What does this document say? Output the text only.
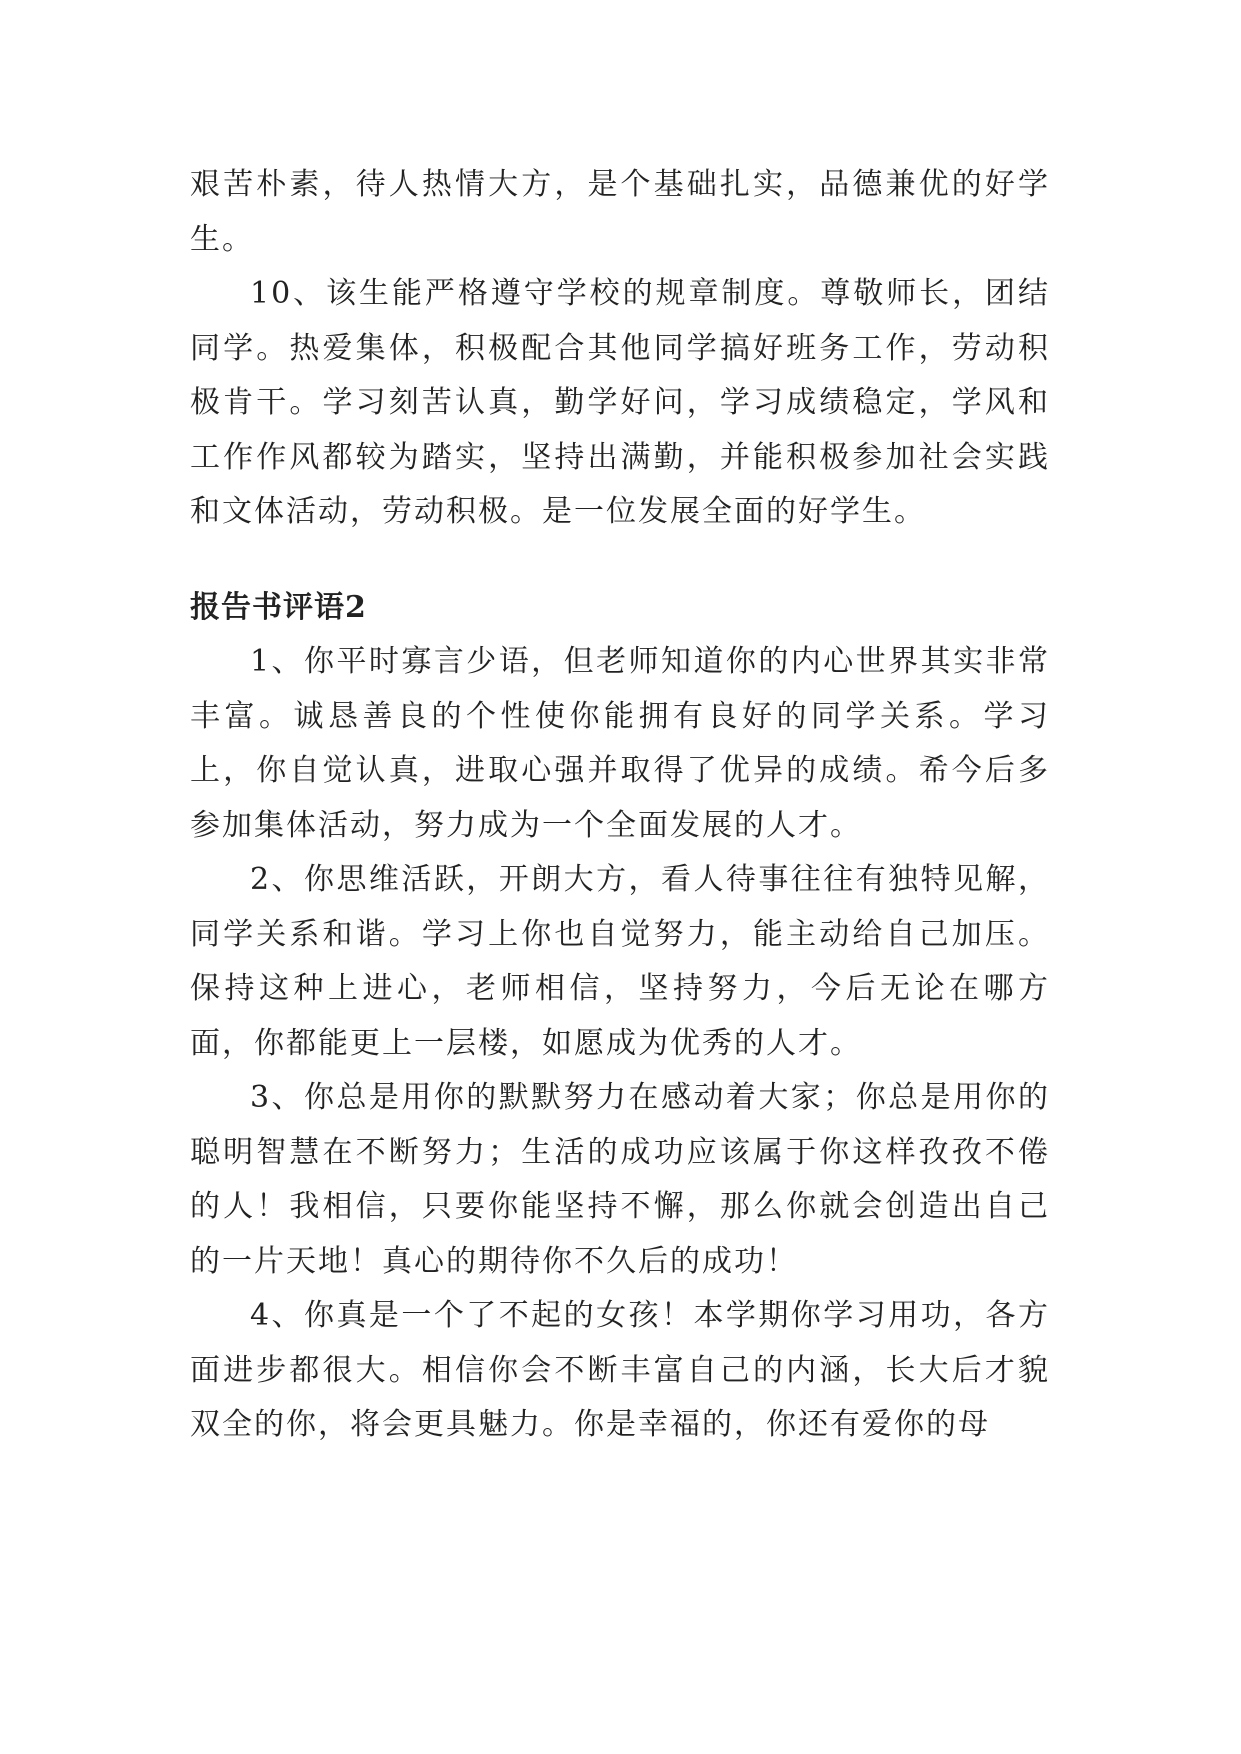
艰苦朴素，待人热情大方，是个基础扎实，品德兼优的好学生。

10、该生能严格遵守学校的规章制度。尊敬师长，团结同学。热爱集体，积极配合其他同学搞好班务工作，劳动积极肯干。学习刻苦认真，勤学好问，学习成绩稳定，学风和工作作风都较为踏实，坚持出满勤，并能积极参加社会实践和文体活动，劳动积极。是一位发展全面的好学生。

报告书评语2

1、你平时寡言少语，但老师知道你的内心世界其实非常丰富。诚恳善良的个性使你能拥有良好的同学关系。学习上，你自觉认真，进取心强并取得了优异的成绩。希今后多参加集体活动，努力成为一个全面发展的人才。

2、你思维活跃，开朗大方，看人待事往往有独特见解，同学关系和谐。学习上你也自觉努力，能主动给自己加压。保持这种上进心，老师相信，坚持努力，今后无论在哪方面，你都能更上一层楼，如愿成为优秀的人才。

3、你总是用你的默默努力在感动着大家；你总是用你的聪明智慧在不断努力；生活的成功应该属于你这样孜孜不倦的人！我相信，只要你能坚持不懈，那么你就会创造出自己的一片天地！真心的期待你不久后的成功！

4、你真是一个了不起的女孩！本学期你学习用功，各方面进步都很大。相信你会不断丰富自己的内涵，长大后才貌双全的你，将会更具魅力。你是幸福的，你还有爱你的母
